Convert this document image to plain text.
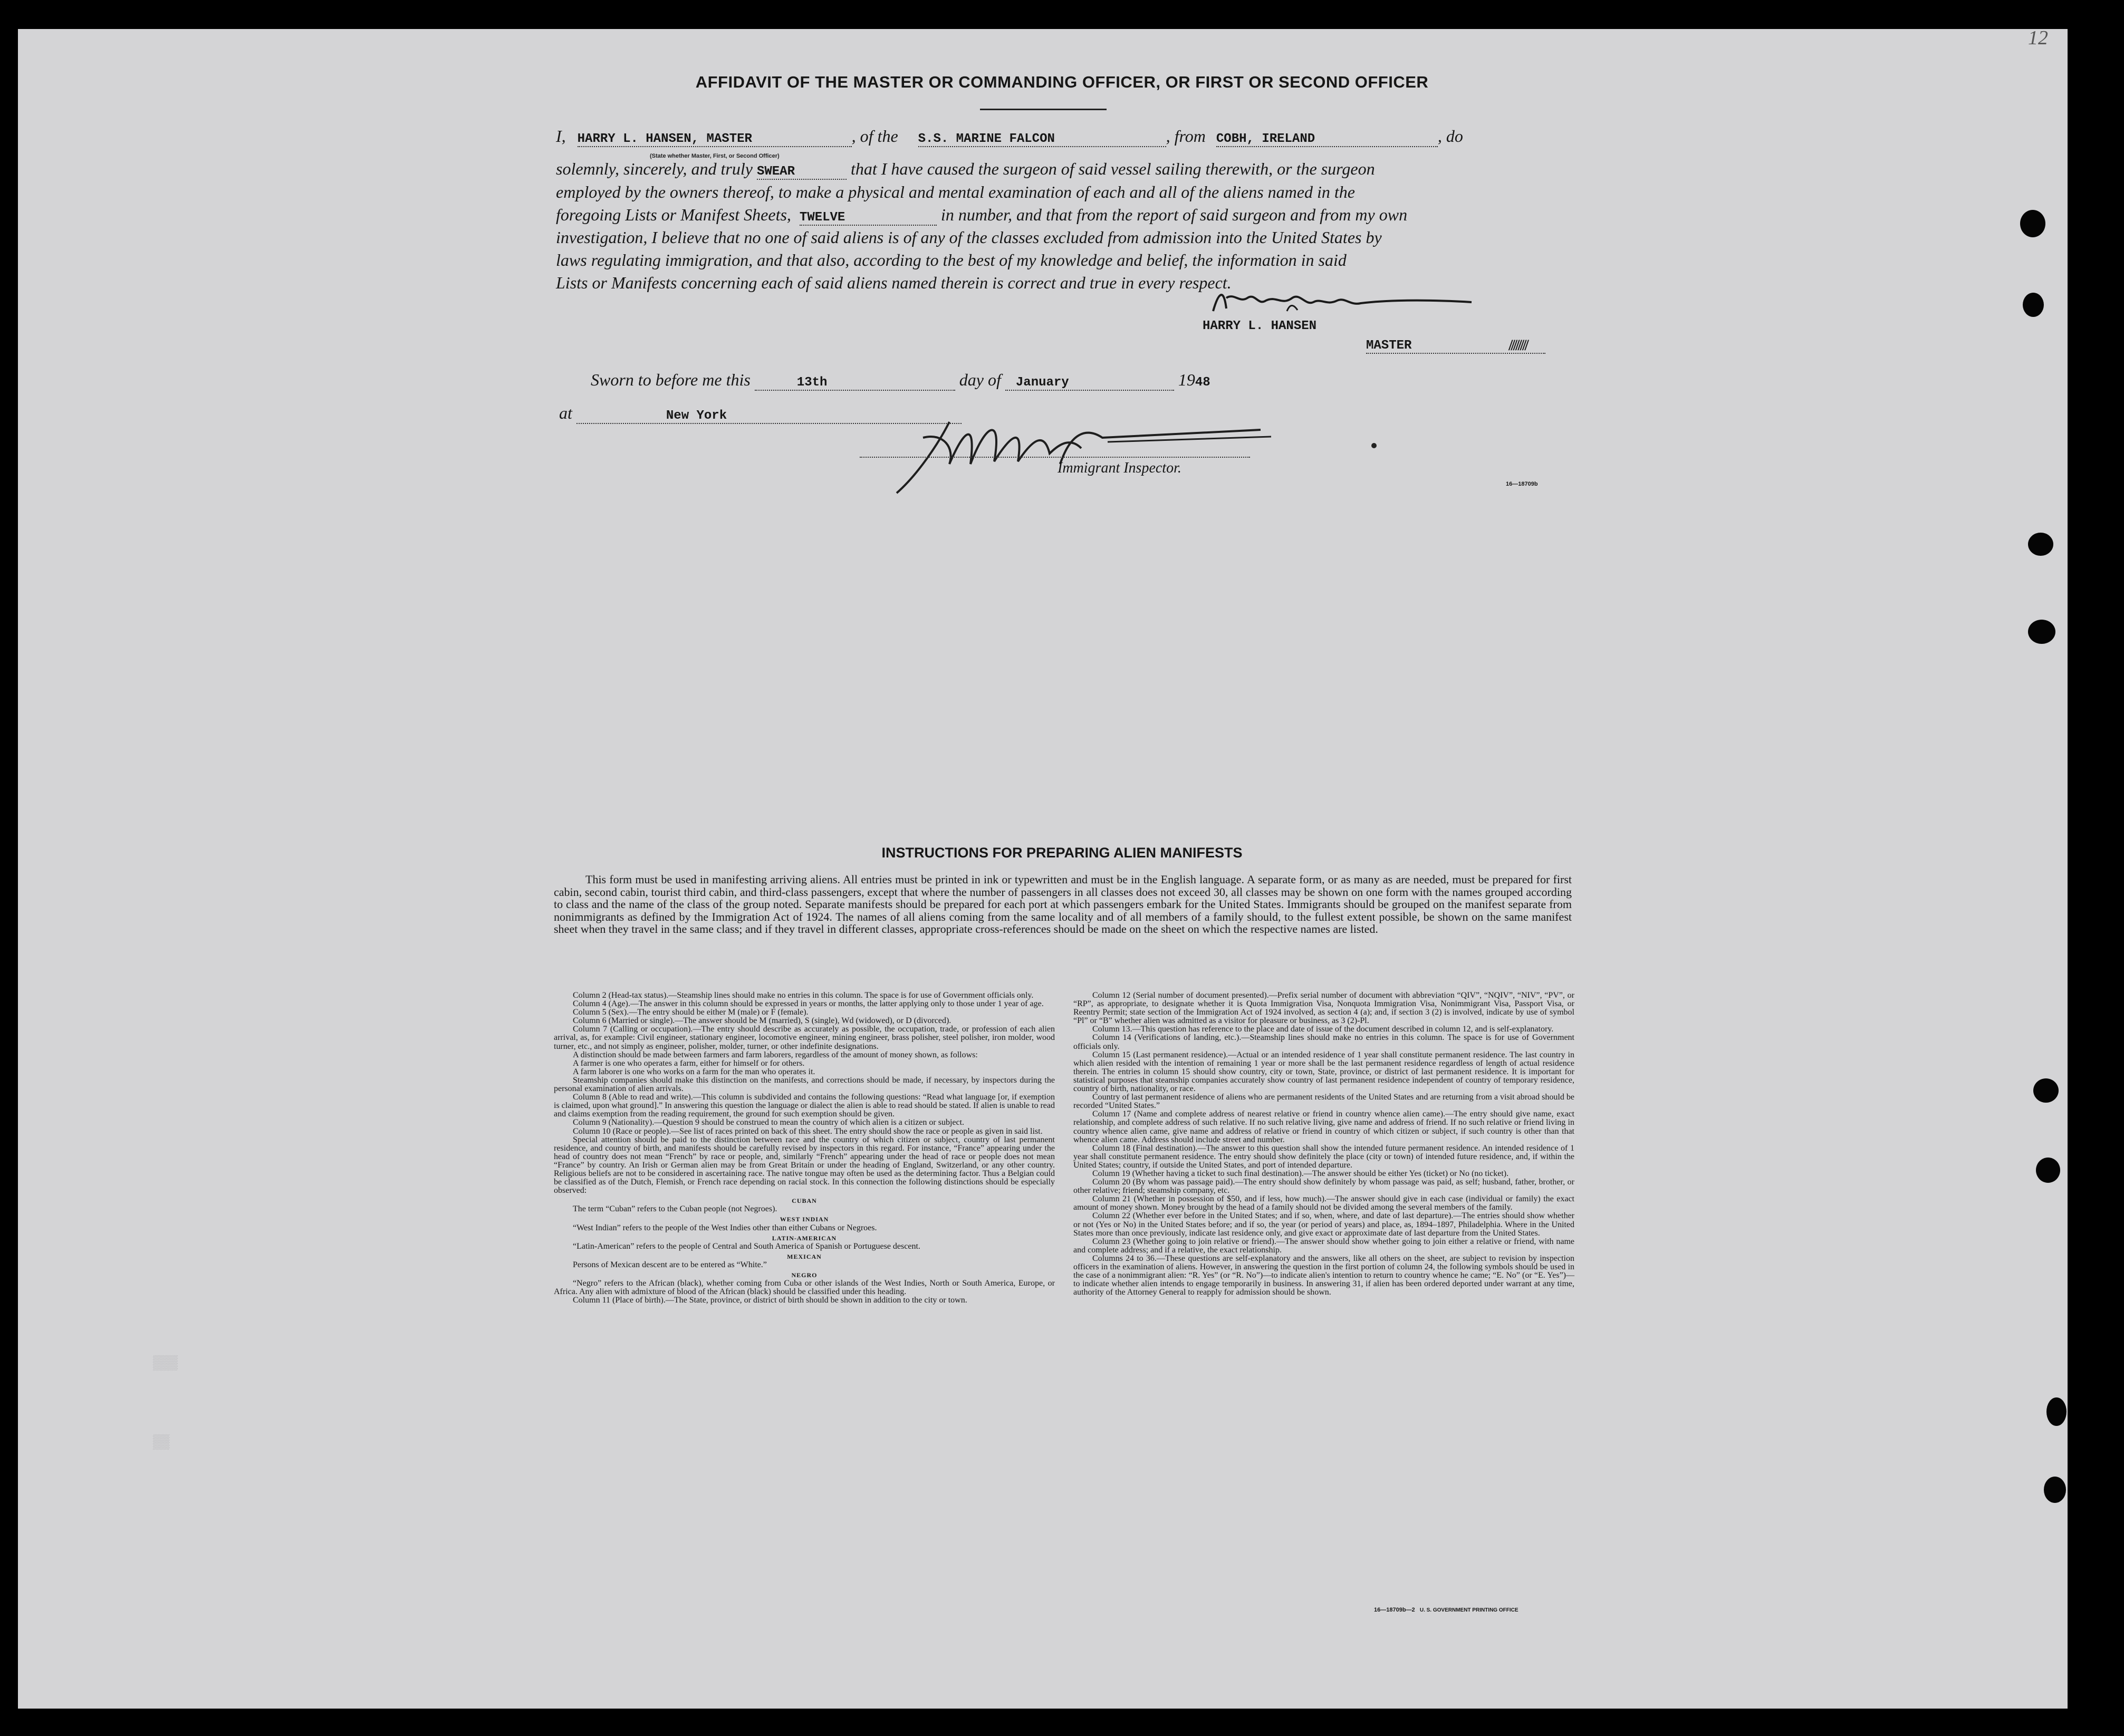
12
▒▒▒
▒▒
AFFIDAVIT OF THE MASTER OR COMMANDING OFFICER, OR FIRST OR SECOND OFFICER
I, HARRY L. HANSEN, MASTER	, of the S.S. MARINE FALCON	, from COBH, IRELAND	, do
(State whether Master, First, or Second Officer)
solemnly, sincerely, and truly SWEAR	that I have caused the surgeon of said vessel sailing therewith, or the surgeon
employed by the owners thereof, to make a physical and mental examination of each and all of the aliens named in the
foregoing Lists or Manifest Sheets, TWELVE	in number, and that from the report of said surgeon and from my own
investigation, I believe that no one of said aliens is of any of the classes excluded from admission into the United States by
laws regulating immigration, and that also, according to the best of my knowledge and belief, the information in said
Lists or Manifests concerning each of said aliens named therein is correct and true in every respect.
HARRY L. HANSEN
MASTER	////////
Sworn to before me this	13th	day of January	1948
at	New York
Immigrant Inspector.
16—18709b
INSTRUCTIONS FOR PREPARING ALIEN MANIFESTS
This form must be used in manifesting arriving aliens. All entries must be printed in ink or typewritten and must be in the English language. A separate form, or as many as are needed, must be prepared for first cabin, second cabin, tourist third cabin, and third-class passengers, except that where the number of passengers in all classes does not exceed 30, all classes may be shown on one form with the names grouped according to class and the name of the class of the group noted. Separate manifests should be prepared for each port at which passengers embark for the United States. Immigrants should be grouped on the manifest separate from nonimmigrants as defined by the Immigration Act of 1924. The names of all aliens coming from the same locality and of all members of a family should, to the fullest extent possible, be shown on the same manifest sheet when they travel in the same class; and if they travel in different classes, appropriate cross-references should be made on the sheet on which the respective names are listed.

Column 2 (Head-tax status).—Steamship lines should make no entries in this column. The space is for use of Government officials only.

Column 4 (Age).—The answer in this column should be expressed in years or months, the latter applying only to those under 1 year of age.

Column 5 (Sex).—The entry should be either M (male) or F (female).

Column 6 (Married or single).—The answer should be M (married), S (single), Wd (widowed), or D (divorced).

Column 7 (Calling or occupation).—The entry should describe as accurately as possible, the occupation, trade, or profession of each alien arrival, as, for example: Civil engineer, stationary engineer, locomotive engineer, mining engineer, brass polisher, steel polisher, iron molder, wood turner, etc., and not simply as engineer, polisher, molder, turner, or other indefinite designations.

A distinction should be made between farmers and farm laborers, regardless of the amount of money shown, as follows:

A farmer is one who operates a farm, either for himself or for others.

A farm laborer is one who works on a farm for the man who operates it.

Steamship companies should make this distinction on the manifests, and corrections should be made, if necessary, by inspectors during the personal examination of alien arrivals.

Column 8 (Able to read and write).—This column is subdivided and contains the following questions: “Read what language [or, if exemption is claimed, upon what ground].” In answering this question the language or dialect the alien is able to read should be stated. If alien is unable to read and claims exemption from the reading requirement, the ground for such exemption should be given.

Column 9 (Nationality).—Question 9 should be construed to mean the country of which alien is a citizen or subject.

Column 10 (Race or people).—See list of races printed on back of this sheet. The entry should show the race or people as given in said list.

Special attention should be paid to the distinction between race and the country of which citizen or subject, country of last permanent residence, and country of birth, and manifests should be carefully revised by inspectors in this regard. For instance, “France” appearing under the head of country does not mean “French” by race or people, and, similarly “French” appearing under the head of race or people does not mean “France” by country. An Irish or German alien may be from Great Britain or under the heading of England, Switzerland, or any other country. Religious beliefs are not to be considered in ascertaining race. The native tongue may often be used as the determining factor. Thus a Belgian could be classified as of the Dutch, Flemish, or French race depending on racial stock. In this connection the following distinctions should be especially observed:

CUBAN

The term “Cuban” refers to the Cuban people (not Negroes).

WEST INDIAN

“West Indian” refers to the people of the West Indies other than either Cubans or Negroes.

LATIN-AMERICAN

“Latin-American” refers to the people of Central and South America of Spanish or Portuguese descent.

MEXICAN

Persons of Mexican descent are to be entered as “White.”

NEGRO

“Negro” refers to the African (black), whether coming from Cuba or other islands of the West Indies, North or South America, Europe, or Africa. Any alien with admixture of blood of the African (black) should be classified under this heading.

Column 11 (Place of birth).—The State, province, or district of birth should be shown in addition to the city or town.

Column 12 (Serial number of document presented).—Prefix serial number of document with abbreviation “QIV”, “NQIV”, “NIV”, “PV”, or “RP”, as appropriate, to designate whether it is Quota Immigration Visa, Nonquota Immigration Visa, Nonimmigrant Visa, Passport Visa, or Reentry Permit; state section of the Immigration Act of 1924 involved, as section 4 (a); and, if section 3 (2) is involved, indicate by use of symbol “Pl” or “B” whether alien was admitted as a visitor for pleasure or business, as 3 (2)-Pl.

Column 13.—This question has reference to the place and date of issue of the document described in column 12, and is self-explanatory.

Column 14 (Verifications of landing, etc.).—Steamship lines should make no entries in this column. The space is for use of Government officials only.

Column 15 (Last permanent residence).—Actual or an intended residence of 1 year shall constitute permanent residence. The last country in which alien resided with the intention of remaining 1 year or more shall be the last permanent residence regardless of length of actual residence therein. The entries in column 15 should show country, city or town, State, province, or district of last permanent residence. It is important for statistical purposes that steamship companies accurately show country of last permanent residence independent of country of temporary residence, country of birth, nationality, or race.

Country of last permanent residence of aliens who are permanent residents of the United States and are returning from a visit abroad should be recorded “United States.”

Column 17 (Name and complete address of nearest relative or friend in country whence alien came).—The entry should give name, exact relationship, and complete address of such relative. If no such relative living, give name and address of friend. If no such relative or friend living in country whence alien came, give name and address of relative or friend in country of which citizen or subject, if such country is other than that whence alien came. Address should include street and number.

Column 18 (Final destination).—The answer to this question shall show the intended future permanent residence. An intended residence of 1 year shall constitute permanent residence. The entry should show definitely the place (city or town) of intended future residence, and, if within the United States; country, if outside the United States, and port of intended departure.

Column 19 (Whether having a ticket to such final destination).—The answer should be either Yes (ticket) or No (no ticket).

Column 20 (By whom was passage paid).—The entry should show definitely by whom passage was paid, as self; husband, father, brother, or other relative; friend; steamship company, etc.

Column 21 (Whether in possession of $50, and if less, how much).—The answer should give in each case (individual or family) the exact amount of money shown. Money brought by the head of a family should not be divided among the several members of the family.

Column 22 (Whether ever before in the United States; and if so, when, where, and date of last departure).—The entries should show whether or not (Yes or No) in the United States before; and if so, the year (or period of years) and place, as, 1894–1897, Philadelphia. Where in the United States more than once previously, indicate last residence only, and give exact or approximate date of last departure from the United States.

Column 23 (Whether going to join relative or friend).—The answer should show whether going to join either a relative or friend, with name and complete address; and if a relative, the exact relationship.

Columns 24 to 36.—These questions are self-explanatory and the answers, like all others on the sheet, are subject to revision by inspection officers in the examination of aliens. However, in answering the question in the first portion of column 24, the following symbols should be used in the case of a nonimmigrant alien: “R. Yes” (or “R. No”)—to indicate alien's intention to return to country whence he came; “E. No” (or “E. Yes”)—to indicate whether alien intends to engage temporarily in business. In answering 31, if alien has been ordered deported under warrant at any time, authority of the Attorney General to reapply for admission should be shown.

16—18709b—2 U. S. GOVERNMENT PRINTING OFFICE
